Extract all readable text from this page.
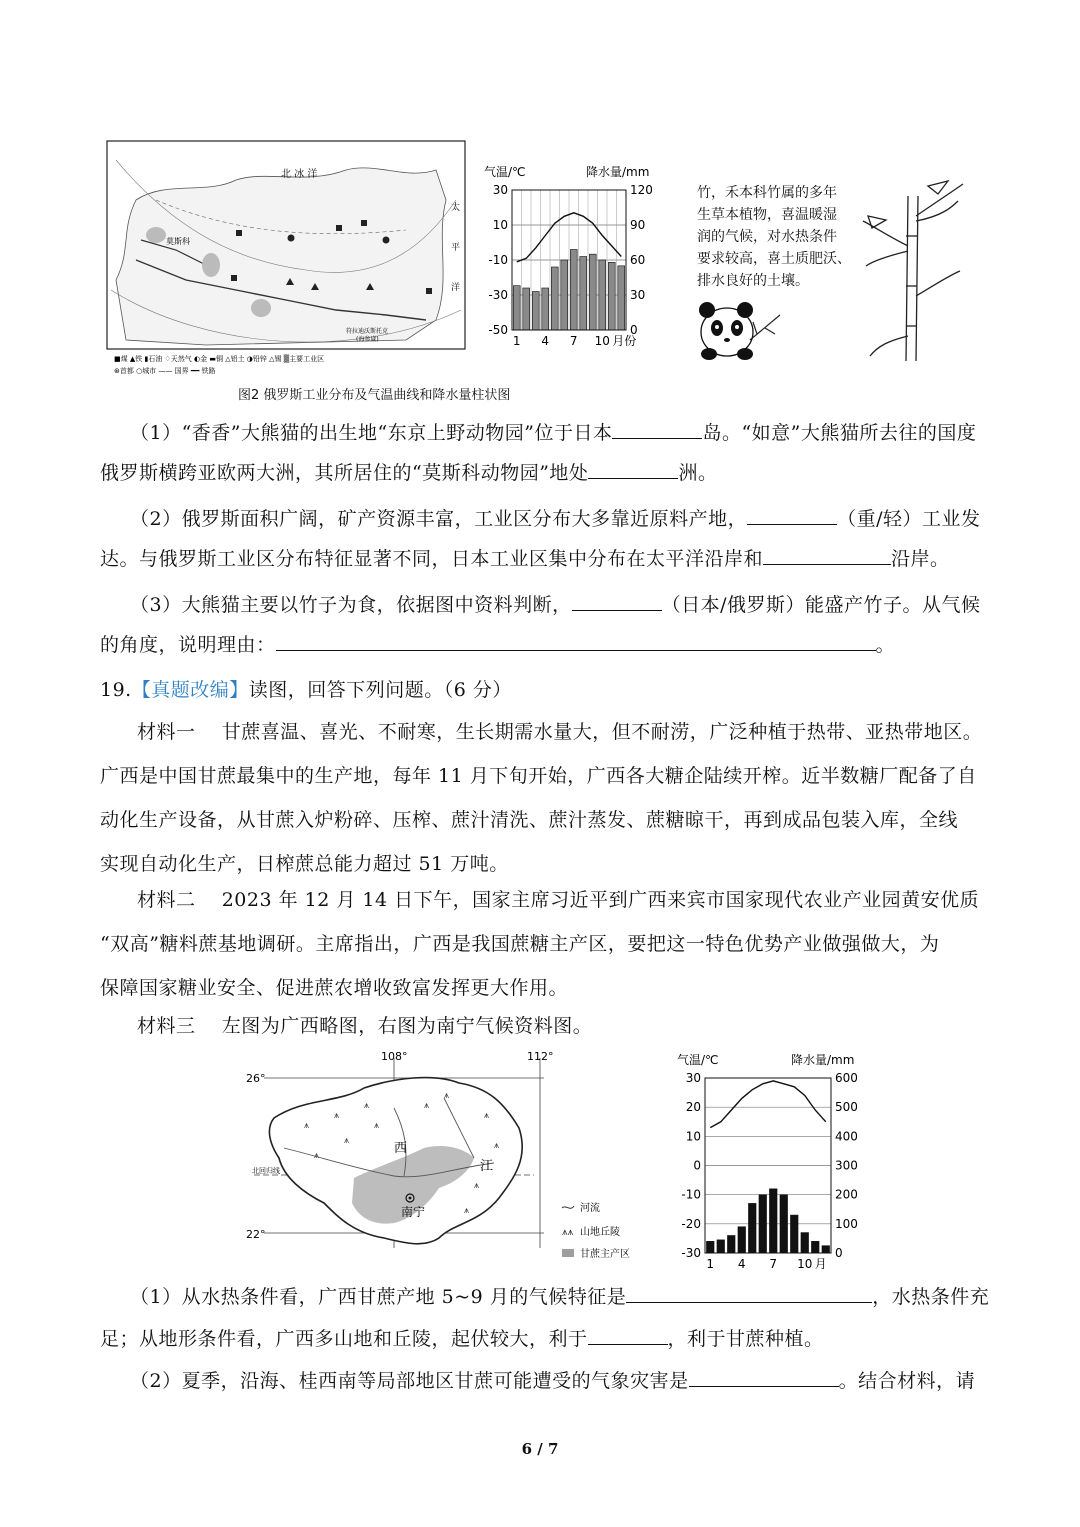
北 冰 洋
莫斯科
符拉迪沃斯托克
(海参崴)
太
平
洋
■煤 ▲铁 ▮石油 ♢天然气 ◐金 ▬铜 △铝土 ◑铅锌 △锡 ▒主要工业区
⊛首都 ○城市 —— 国界 ━━ 铁路
气温/℃	降水量/mm
30
10
-10
-30
-50
120
90
60
30
0
1 4 7 10 月份
竹，禾本科竹属的多年
生草本植物，喜温暖湿
润的气候，对水热条件
要求较高，喜土质肥沃、
排水良好的土壤。
图2 俄罗斯工业分布及气温曲线和降水量柱状图
（1）“香香”大熊猫的出生地“东京上野动物园”位于日本	岛。“如意”大熊猫所去往的国度
俄罗斯横跨亚欧两大洲，其所居住的“莫斯科动物园”地处	洲。
（2）俄罗斯面积广阔，矿产资源丰富，工业区分布大多靠近原料产地，	（重/轻）工业发
达。与俄罗斯工业区分布特征显著不同，日本工业区集中分布在太平洋沿岸和	沿岸。
（3）大熊猫主要以竹子为食，依据图中资料判断，	（日本/俄罗斯）能盛产竹子。从气候
的角度，说明理由：	。
19.【真题改编】读图，回答下列问题。（6 分）
材料一 甘蔗喜温、喜光、不耐寒，生长期需水量大，但不耐涝，广泛种植于热带、亚热带地区。
广西是中国甘蔗最集中的生产地，每年 11 月下旬开始，广西各大糖企陆续开榨。近半数糖厂配备了自
动化生产设备，从甘蔗入炉粉碎、压榨、蔗汁清洗、蔗汁蒸发、蔗糖晾干，再到成品包装入库，全线
实现自动化生产，日榨蔗总能力超过 51 万吨。
材料二 2023 年 12 月 14 日下午，国家主席习近平到广西来宾市国家现代农业产业园黄安优质
“双高”糖料蔗基地调研。主席指出，广西是我国蔗糖主产区，要把这一特色优势产业做强做大，为
保障国家糖业安全、促进蔗农增收致富发挥更大作用。
材料三 左图为广西略图，右图为南宁气候资料图。
⩚
⩚
⩚
⩚
⩚
⩚
⩚
⩚
⩚
⩚
⩚
⩚
108°	112°
26°
22°
北回归线
西
江
南宁	河流
⩚⩚ 山地丘陵
甘蔗主产区
气温/℃	降水量/mm
30
20
10
0
-10
-20
-30
600
500
400
300
200
100
0
1 4 7 10 月
（1）从水热条件看，广西甘蔗产地 5~9 月的气候特征是	，水热条件充
足；从地形条件看，广西多山地和丘陵，起伏较大，利于	，利于甘蔗种植。
（2）夏季，沿海、桂西南等局部地区甘蔗可能遭受的气象灾害是	。结合材料，请
6 / 7
